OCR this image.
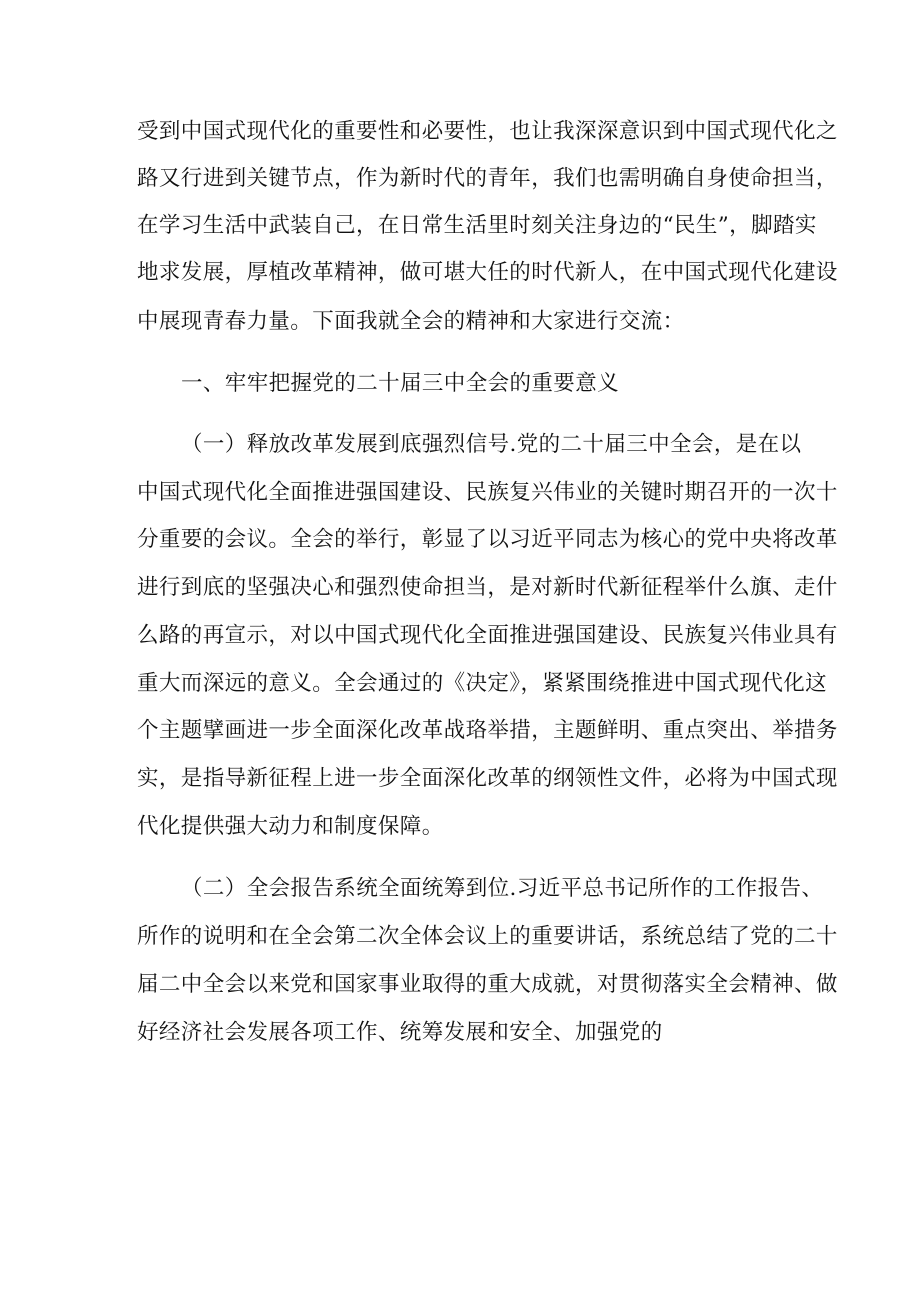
受到中国式现代化的重要性和必要性，也让我深深意识到中国式现代化之
路又行进到关键节点，作为新时代的青年，我们也需明确自身使命担当，
在学习生活中武装自己，在日常生活里时刻关注身边的“民生”，脚踏实
地求发展，厚植改革精神，做可堪大任的时代新人，在中国式现代化建设
中展现青春力量。下面我就全会的精神和大家进行交流：
一、牢牢把握党的二十届三中全会的重要意义
（一）释放改革发展到底强烈信号.党的二十届三中全会，是在以
中国式现代化全面推进强国建设、民族复兴伟业的关键时期召开的一次十
分重要的会议。全会的举行，彰显了以习近平同志为核心的党中央将改革
进行到底的坚强决心和强烈使命担当，是对新时代新征程举什么旗、走什
么路的再宣示，对以中国式现代化全面推进强国建设、民族复兴伟业具有
重大而深远的意义。全会通过的《决定》，紧紧围绕推进中国式现代化这
个主题擘画进一步全面深化改革战珞举措，主题鲜明、重点突出、举措务
实，是指导新征程上进一步全面深化改革的纲领性文件，必将为中国式现
代化提供强大动力和制度保障。
（二）全会报告系统全面统筹到位.习近平总书记所作的工作报告、
所作的说明和在全会第二次全体会议上的重要讲话，系统总结了党的二十
届二中全会以来党和国家事业取得的重大成就，对贯彻落实全会精神、做
好经济社会发展各项工作、统筹发展和安全、加强党的
